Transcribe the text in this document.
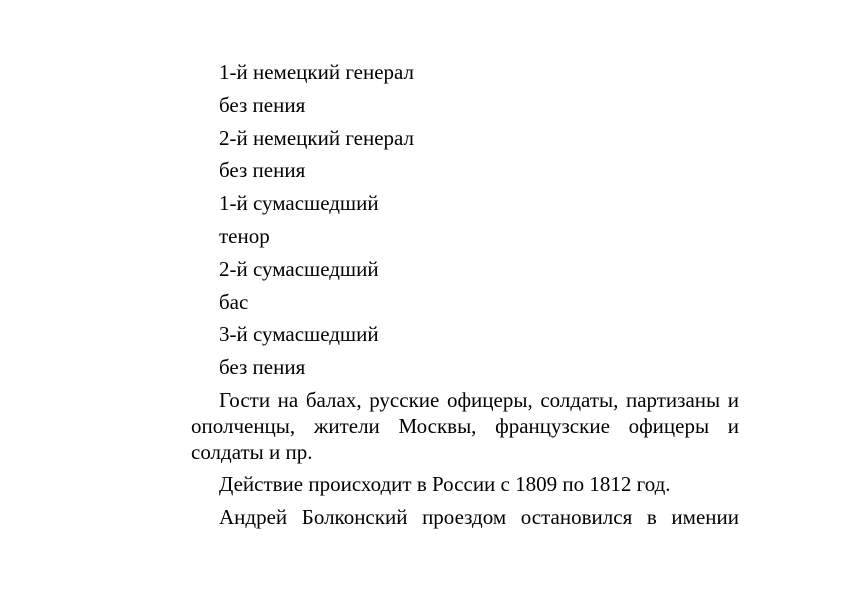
1-й немецкий генерал

без пения

2-й немецкий генерал

без пения

1-й сумасшедший

тенор

2-й сумасшедший

бас

3-й сумасшедший

без пения

Гости на балах, русские офицеры, солдаты, партизаны и ополченцы, жители Москвы, французские офицеры и солдаты и пр.

Действие происходит в России с 1809 по 1812 год.

Андрей Болконский проездом остановился в имении
